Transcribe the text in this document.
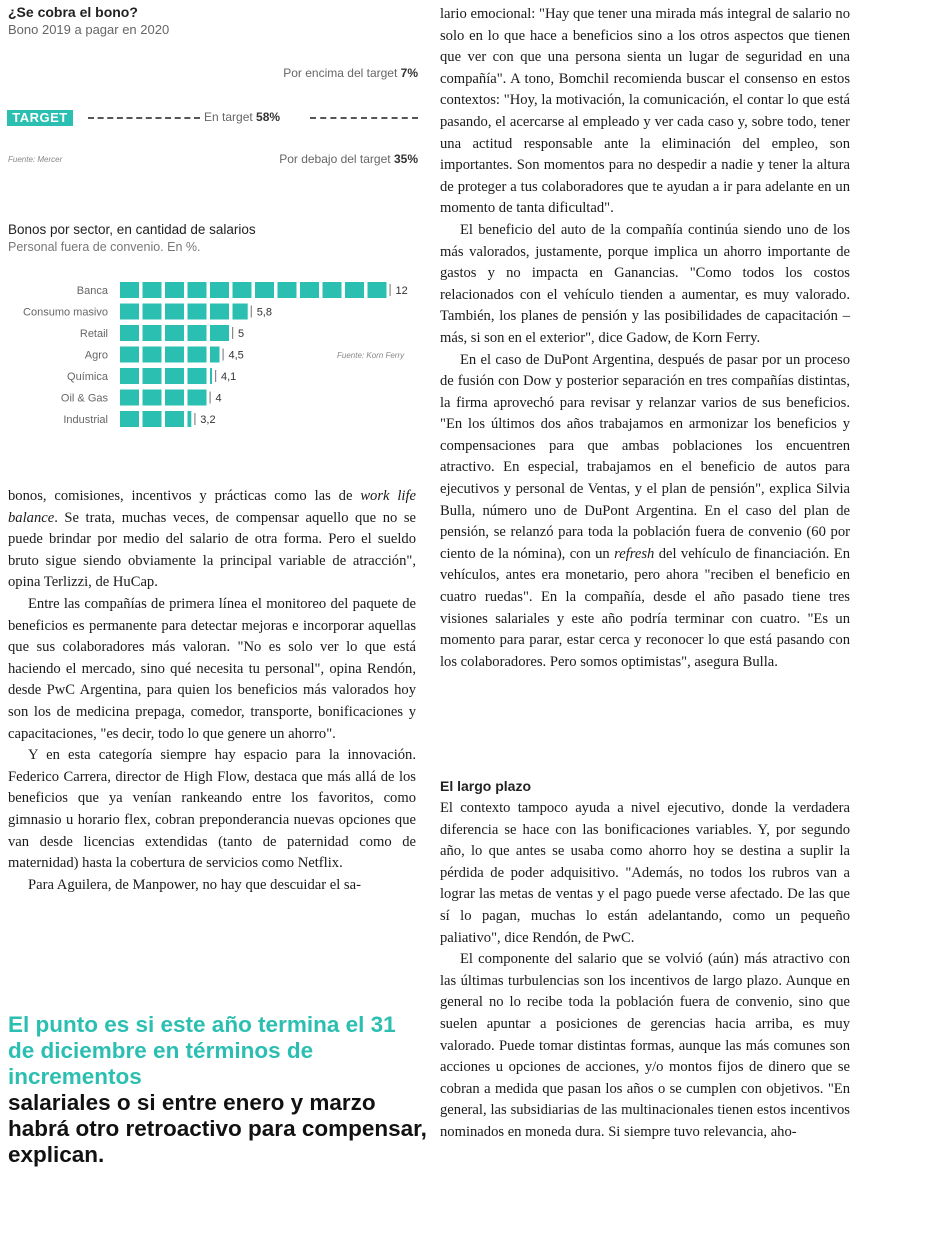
¿Se cobra el bono?
Bono 2019 a pagar en 2020
Por encima del target 7%
TARGET	En target 58%
Fuente: Mercer	Por debajo del target 35%
Bonos por sector, en cantidad de salarios
Personal fuera de convenio. En %.
Banca	12
Consumo masivo	5,8
Retail	5
Agro	4,5
Química	4,1
Oil & Gas	4
Industrial	3,2
Fuente: Korn Ferry

bonos, comisiones, incentivos y prácticas como las de work life balance. Se trata, muchas veces, de compensar aquello que no se puede brindar por medio del salario de otra forma. Pero el sueldo bruto sigue siendo obviamente la principal variable de atracción", opina Terlizzi, de HuCap.

Entre las compañías de primera línea el monitoreo del paquete de beneficios es permanente para detectar mejoras e incorporar aquellas que sus colaboradores más valoran. "No es solo ver lo que está haciendo el mercado, sino qué necesita tu personal", opina Rendón, desde PwC Argentina, para quien los beneficios más valorados hoy son los de medicina prepaga, comedor, transporte, bonificaciones y capacitaciones, "es decir, todo lo que genere un ahorro".

Y en esta categoría siempre hay espacio para la innovación. Federico Carrera, director de High Flow, destaca que más allá de los beneficios que ya venían rankeando entre los favoritos, como gimnasio u horario flex, cobran preponderancia nuevas opciones que van desde licencias extendidas (tanto de paternidad como de maternidad) hasta la cobertura de servicios como Netflix.

Para Aguilera, de Manpower, no hay que descuidar el sa-

El punto es si este año termina el 31 de diciembre en términos de incrementos
salariales o si entre enero y marzo habrá otro retroactivo para compensar, explican.

lario emocional: "Hay que tener una mirada más integral de salario no solo en lo que hace a beneficios sino a los otros aspectos que tienen que ver con que una persona sienta un lugar de seguridad en una compañía". A tono, Bomchil recomienda buscar el consenso en estos contextos: "Hoy, la motivación, la comunicación, el contar lo que está pasando, el acercarse al empleado y ver cada caso y, sobre todo, tener una actitud responsable ante la eliminación del empleo, son importantes. Son momentos para no despedir a nadie y tener la altura de proteger a tus colaboradores que te ayudan a ir para adelante en un momento de tanta dificultad".

El beneficio del auto de la compañía continúa siendo uno de los más valorados, justamente, porque implica un ahorro importante de gastos y no impacta en Ganancias. "Como todos los costos relacionados con el vehículo tienden a aumentar, es muy valorado. También, los planes de pensión y las posibilidades de capacitación –más, si son en el exterior", dice Gadow, de Korn Ferry.

En el caso de DuPont Argentina, después de pasar por un proceso de fusión con Dow y posterior separación en tres compañías distintas, la firma aprovechó para revisar y relanzar varios de sus beneficios. "En los últimos dos años trabajamos en armonizar los beneficios y compensaciones para que ambas poblaciones los encuentren atractivo. En especial, trabajamos en el beneficio de autos para ejecutivos y personal de Ventas, y el plan de pensión", explica Silvia Bulla, número uno de DuPont Argentina. En el caso del plan de pensión, se relanzó para toda la población fuera de convenio (60 por ciento de la nómina), con un refresh del vehículo de financiación. En vehículos, antes era monetario, pero ahora "reciben el beneficio en cuatro ruedas". En la compañía, desde el año pasado tiene tres visiones salariales y este año podría terminar con cuatro. "Es un momento para parar, estar cerca y reconocer lo que está pasando con los colaboradores. Pero somos optimistas", asegura Bulla.

El largo plazo

El contexto tampoco ayuda a nivel ejecutivo, donde la verdadera diferencia se hace con las bonificaciones variables. Y, por segundo año, lo que antes se usaba como ahorro hoy se destina a suplir la pérdida de poder adquisitivo. "Además, no todos los rubros van a lograr las metas de ventas y el pago puede verse afectado. De las que sí lo pagan, muchas lo están adelantando, como un pequeño paliativo", dice Rendón, de PwC.

El componente del salario que se volvió (aún) más atractivo con las últimas turbulencias son los incentivos de largo plazo. Aunque en general no lo recibe toda la población fuera de convenio, sino que suelen apuntar a posiciones de gerencias hacia arriba, es muy valorado. Puede tomar distintas formas, aunque las más comunes son acciones u opciones de acciones, y/o montos fijos de dinero que se cobran a medida que pasan los años o se cumplen con objetivos. "En general, las subsidiarias de las multinacionales tienen estos incentivos nominados en moneda dura. Si siempre tuvo relevancia, aho-
